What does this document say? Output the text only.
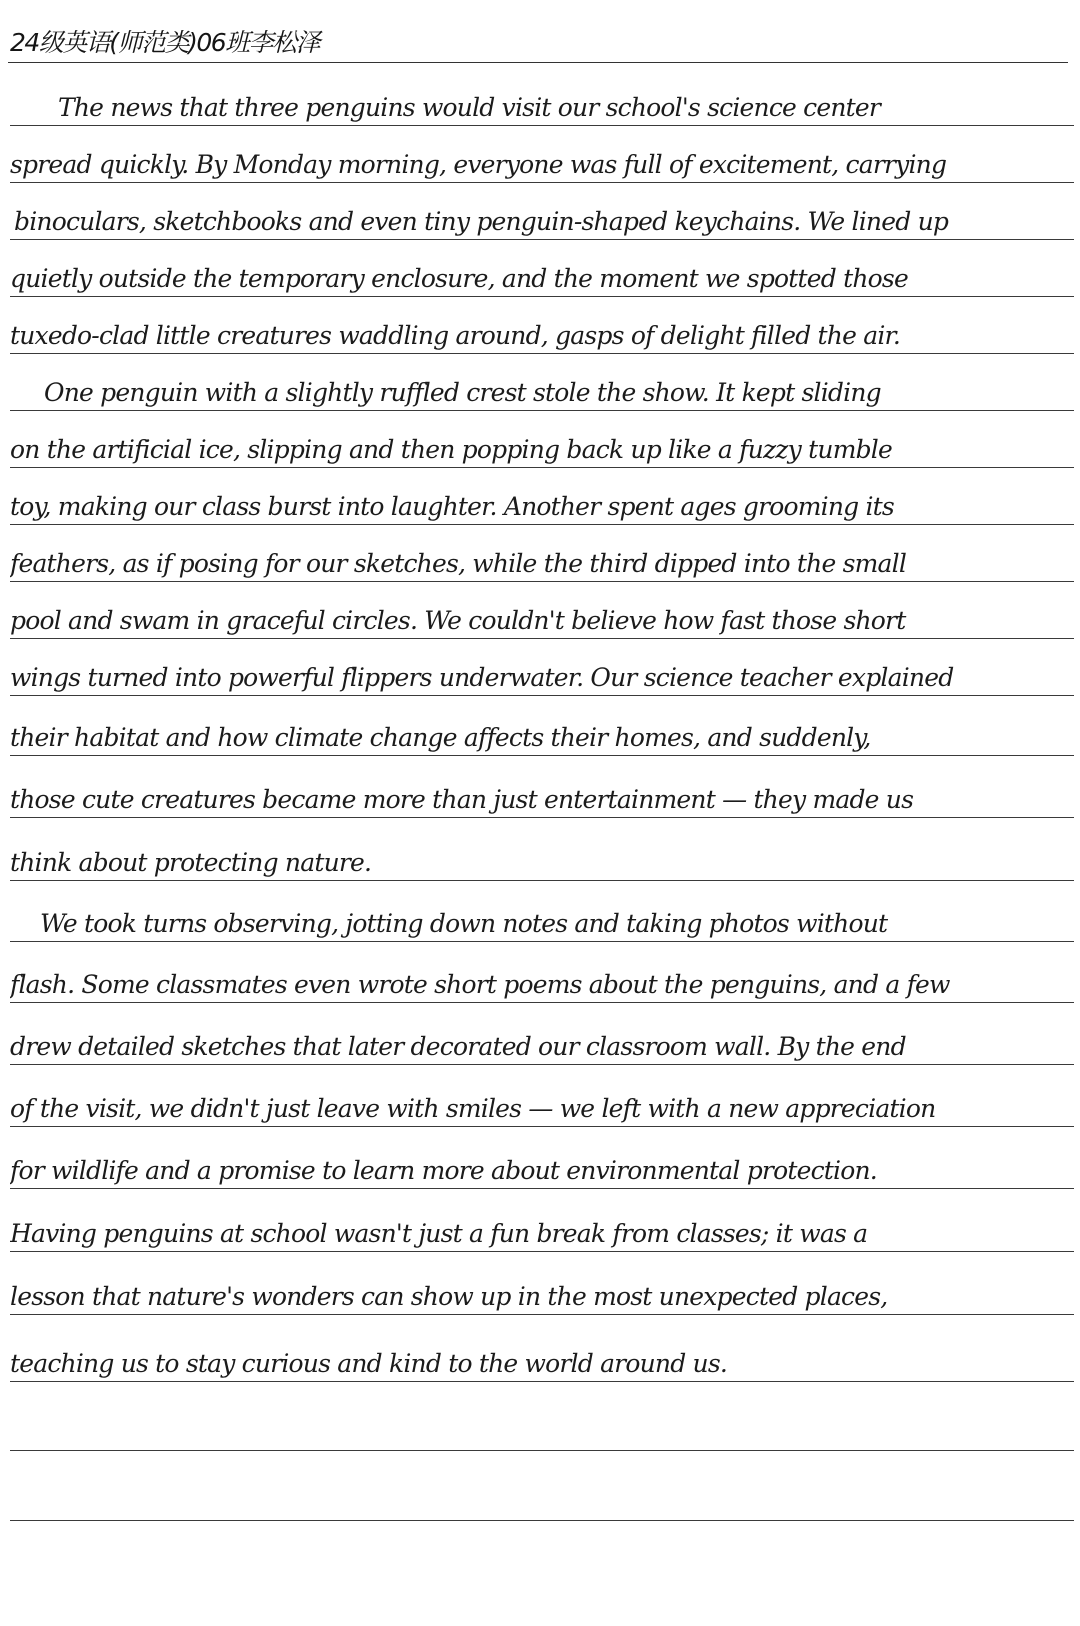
24级英语(师范类)06班李松泽
The news that three penguins would visit our school's science center
spread quickly. By Monday morning, everyone was full of excitement, carrying
binoculars, sketchbooks and even tiny penguin-shaped keychains. We lined up
quietly outside the temporary enclosure, and the moment we spotted those
tuxedo-clad little creatures waddling around, gasps of delight filled the air.
One penguin with a slightly ruffled crest stole the show. It kept sliding
on the artificial ice, slipping and then popping back up like a fuzzy tumble
toy, making our class burst into laughter. Another spent ages grooming its
feathers, as if posing for our sketches, while the third dipped into the small
pool and swam in graceful circles. We couldn't believe how fast those short
wings turned into powerful flippers underwater. Our science teacher explained
their habitat and how climate change affects their homes, and suddenly,
those cute creatures became more than just entertainment — they made us
think about protecting nature.
We took turns observing, jotting down notes and taking photos without
flash. Some classmates even wrote short poems about the penguins, and a few
drew detailed sketches that later decorated our classroom wall. By the end
of the visit, we didn't just leave with smiles — we left with a new appreciation
for wildlife and a promise to learn more about environmental protection.
Having penguins at school wasn't just a fun break from classes; it was a
lesson that nature's wonders can show up in the most unexpected places,
teaching us to stay curious and kind to the world around us.
